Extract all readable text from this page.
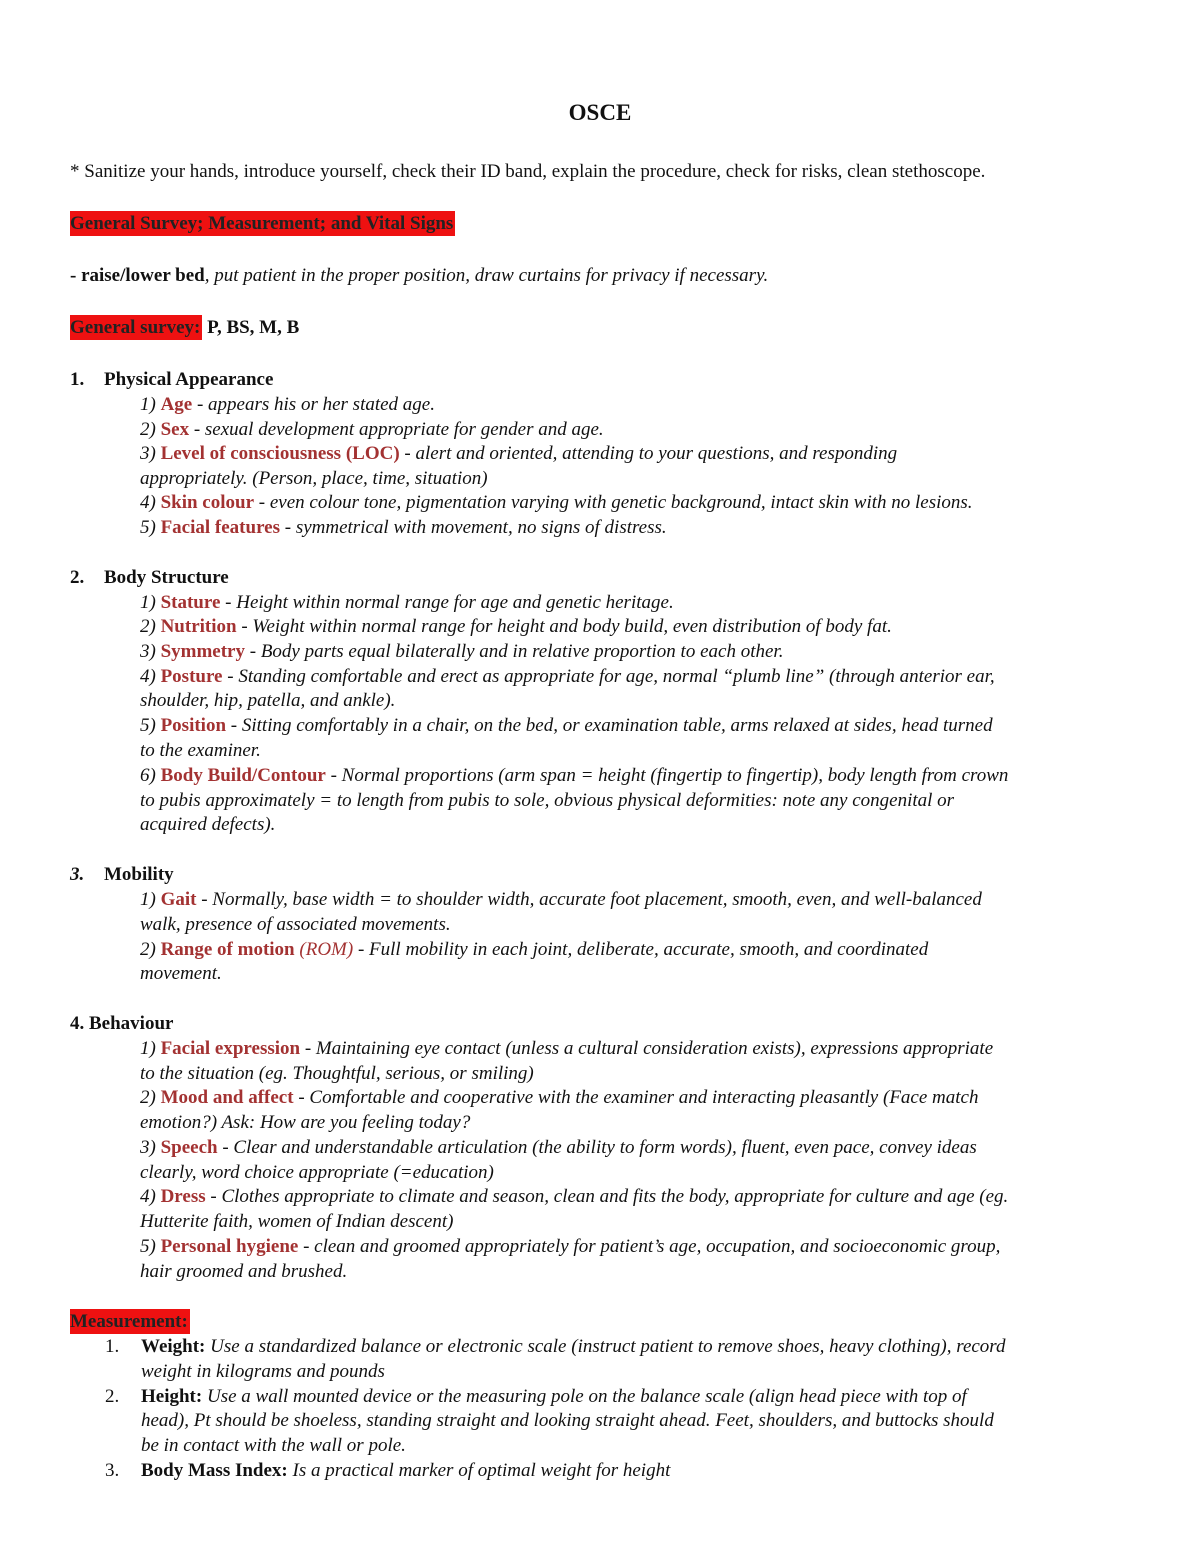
OSCE
* Sanitize your hands, introduce yourself, check their ID band, explain the procedure, check for risks, clean stethoscope.
General Survey; Measurement; and Vital Signs
- raise/lower bed, put patient in the proper position, draw curtains for privacy if necessary.
General survey: P, BS, M, B
1. Physical Appearance
1) Age - appears his or her stated age.
2) Sex - sexual development appropriate for gender and age.
3) Level of consciousness (LOC) - alert and oriented, attending to your questions, and responding
appropriately. (Person, place, time, situation)
4) Skin colour - even colour tone, pigmentation varying with genetic background, intact skin with no lesions.
5) Facial features - symmetrical with movement, no signs of distress.
2. Body Structure
1) Stature - Height within normal range for age and genetic heritage.
2) Nutrition - Weight within normal range for height and body build, even distribution of body fat.
3) Symmetry - Body parts equal bilaterally and in relative proportion to each other.
4) Posture - Standing comfortable and erect as appropriate for age, normal “plumb line” (through anterior ear,
shoulder, hip, patella, and ankle).
5) Position - Sitting comfortably in a chair, on the bed, or examination table, arms relaxed at sides, head turned
to the examiner.
6) Body Build/Contour - Normal proportions (arm span = height (fingertip to fingertip), body length from crown
to pubis approximately = to length from pubis to sole, obvious physical deformities: note any congenital or
acquired defects).
3. Mobility
1) Gait - Normally, base width = to shoulder width, accurate foot placement, smooth, even, and well-balanced
walk, presence of associated movements.
2) Range of motion (ROM) - Full mobility in each joint, deliberate, accurate, smooth, and coordinated
movement.
4. Behaviour
1) Facial expression - Maintaining eye contact (unless a cultural consideration exists), expressions appropriate
to the situation (eg. Thoughtful, serious, or smiling)
2) Mood and affect - Comfortable and cooperative with the examiner and interacting pleasantly (Face match
emotion?) Ask: How are you feeling today?
3) Speech - Clear and understandable articulation (the ability to form words), fluent, even pace, convey ideas
clearly, word choice appropriate (=education)
4) Dress - Clothes appropriate to climate and season, clean and fits the body, appropriate for culture and age (eg.
Hutterite faith, women of Indian descent)
5) Personal hygiene - clean and groomed appropriately for patient’s age, occupation, and socioeconomic group,
hair groomed and brushed.
Measurement:
1. Weight: Use a standardized balance or electronic scale (instruct patient to remove shoes, heavy clothing), record
weight in kilograms and pounds
2. Height: Use a wall mounted device or the measuring pole on the balance scale (align head piece with top of
head), Pt should be shoeless, standing straight and looking straight ahead. Feet, shoulders, and buttocks should
be in contact with the wall or pole.
3. Body Mass Index: Is a practical marker of optimal weight for height
